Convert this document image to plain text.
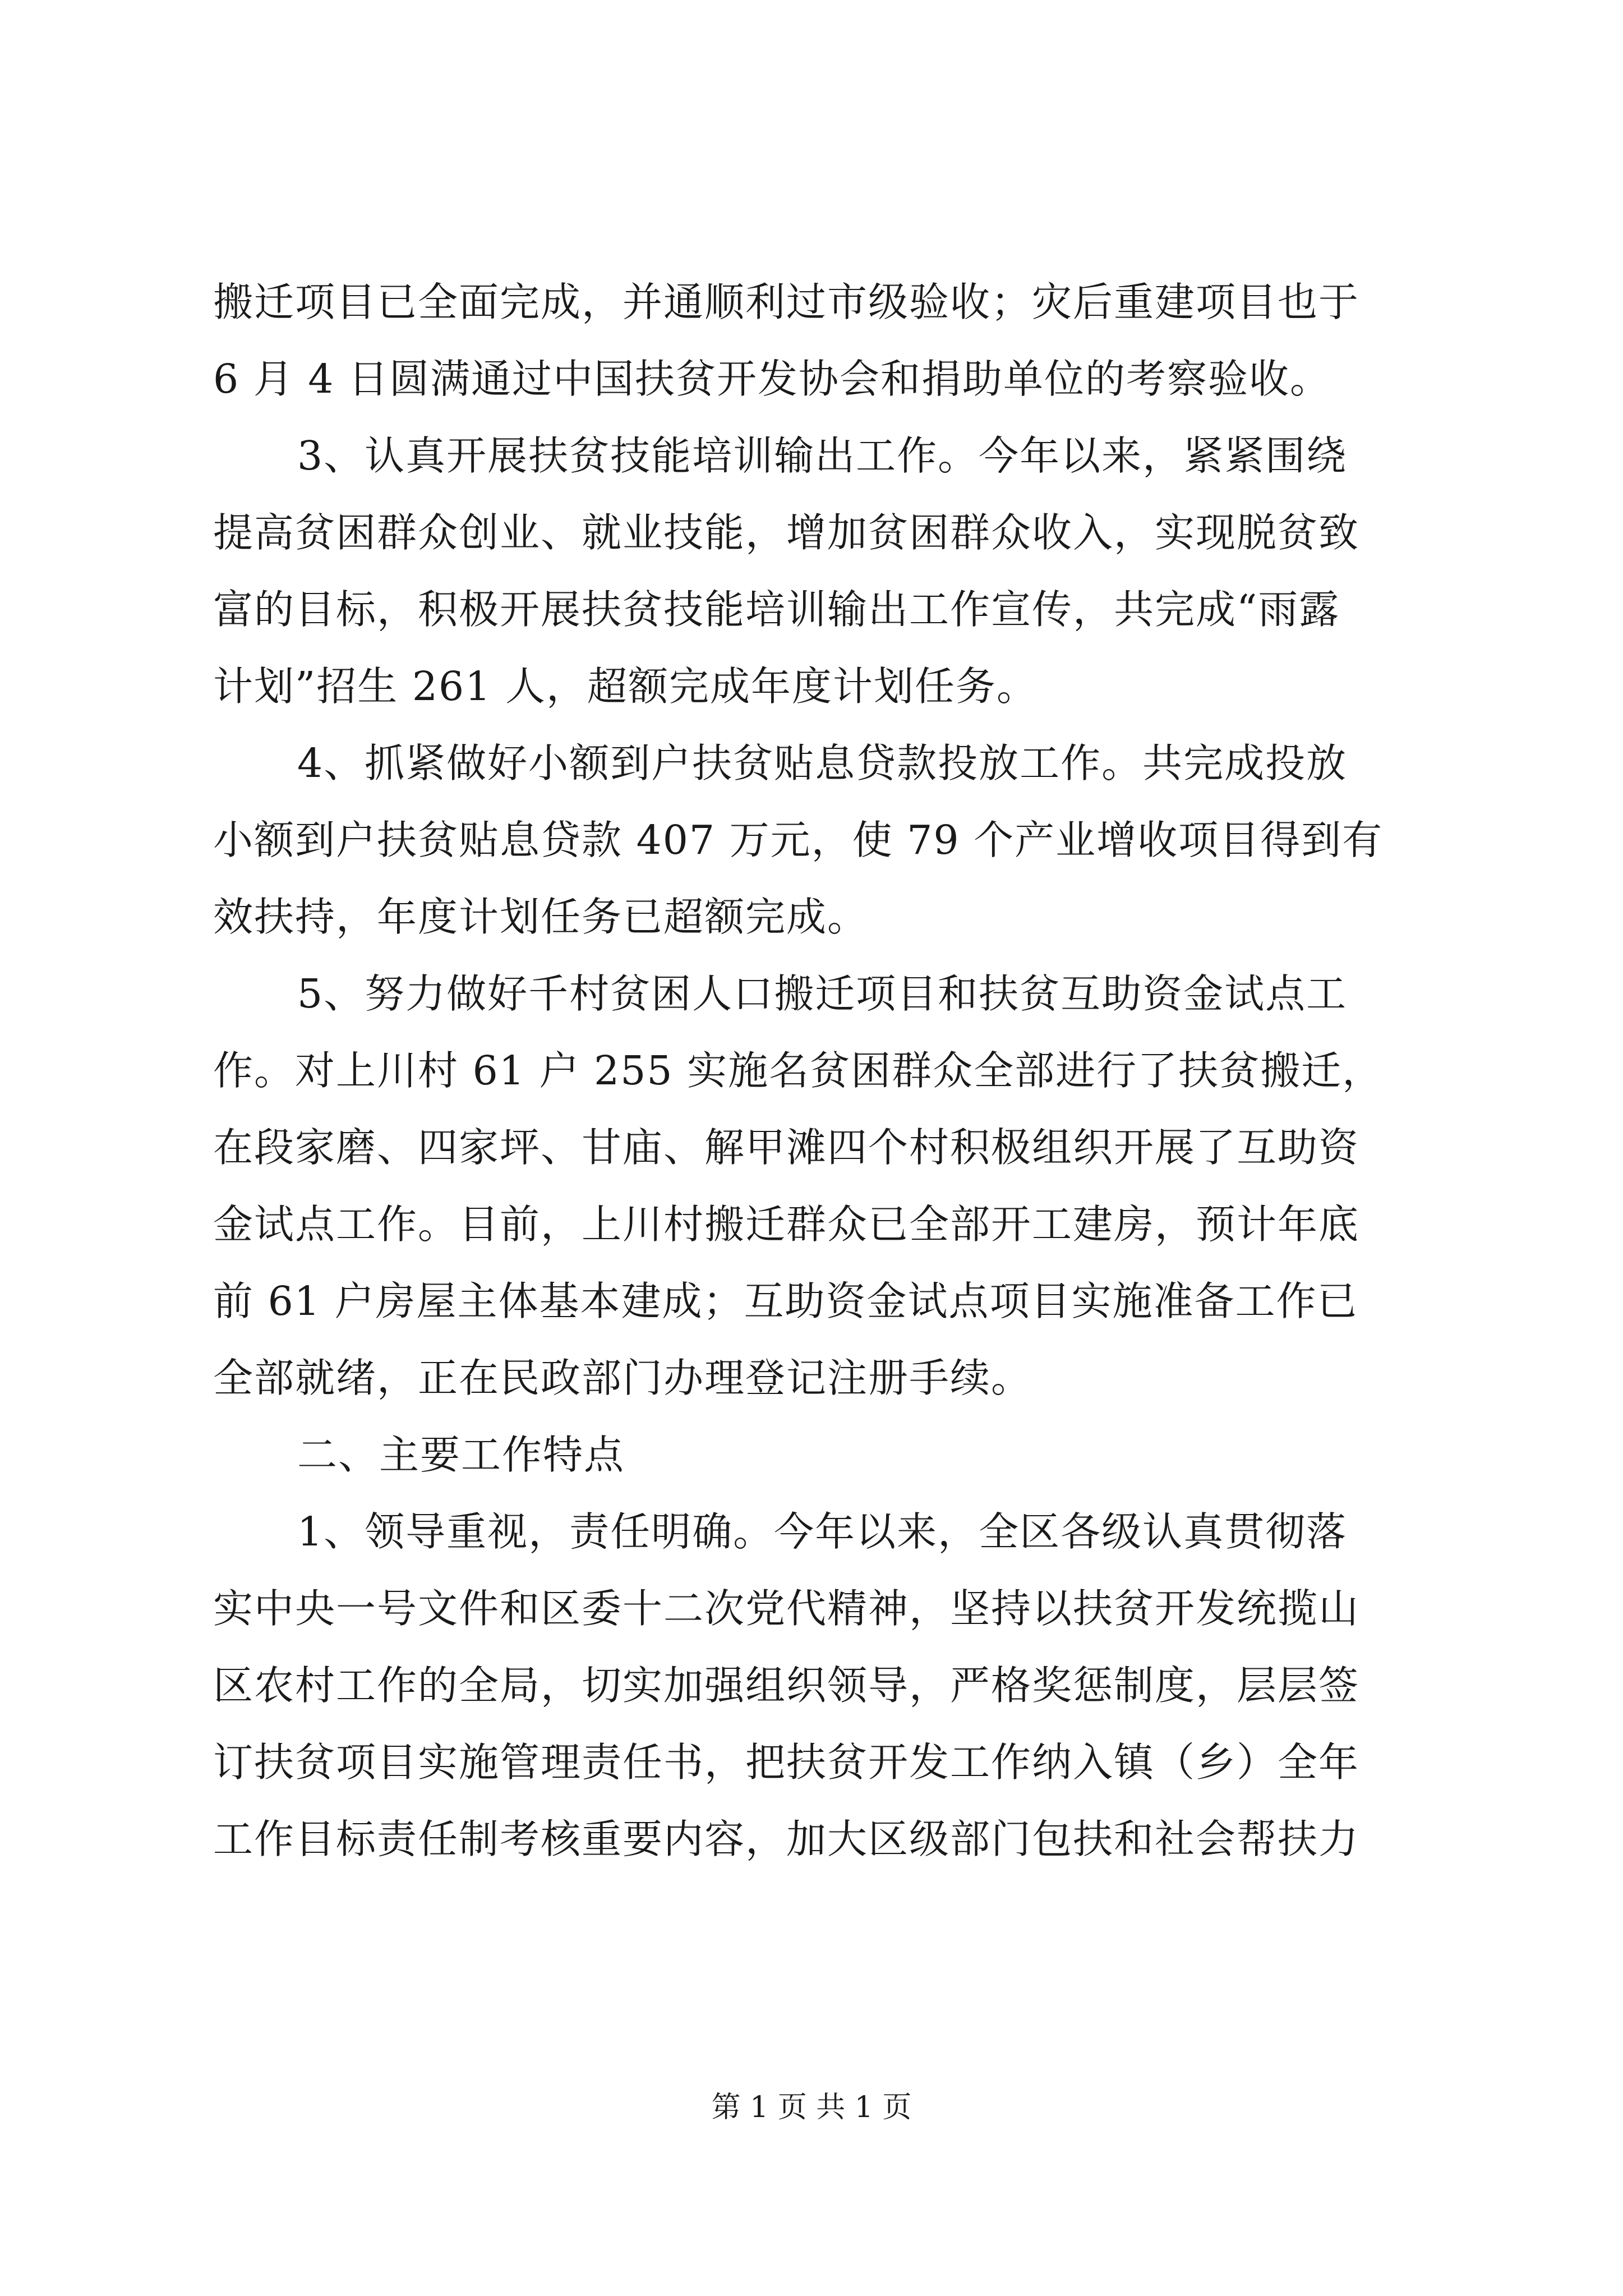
搬迁项目已全面完成，并通顺利过市级验收；灾后重建项目也于
6 月 4 日圆满通过中国扶贫开发协会和捐助单位的考察验收。
3、认真开展扶贫技能培训输出工作。今年以来，紧紧围绕
提高贫困群众创业、就业技能，增加贫困群众收入，实现脱贫致
富的目标，积极开展扶贫技能培训输出工作宣传，共完成“雨露
计划”招生 261 人，超额完成年度计划任务。
4、抓紧做好小额到户扶贫贴息贷款投放工作。共完成投放
小额到户扶贫贴息贷款 407 万元，使 79 个产业增收项目得到有
效扶持，年度计划任务已超额完成。
5、努力做好千村贫困人口搬迁项目和扶贫互助资金试点工
作。对上川村 61 户 255 实施名贫困群众全部进行了扶贫搬迁，
在段家磨、四家坪、甘庙、解甲滩四个村积极组织开展了互助资
金试点工作。目前，上川村搬迁群众已全部开工建房，预计年底
前 61 户房屋主体基本建成；互助资金试点项目实施准备工作已
全部就绪，正在民政部门办理登记注册手续。
二、主要工作特点
1、领导重视，责任明确。今年以来，全区各级认真贯彻落
实中央一号文件和区委十二次党代精神，坚持以扶贫开发统揽山
区农村工作的全局，切实加强组织领导，严格奖惩制度，层层签
订扶贫项目实施管理责任书，把扶贫开发工作纳入镇（乡）全年
工作目标责任制考核重要内容，加大区级部门包扶和社会帮扶力
第 1 页 共 1 页
